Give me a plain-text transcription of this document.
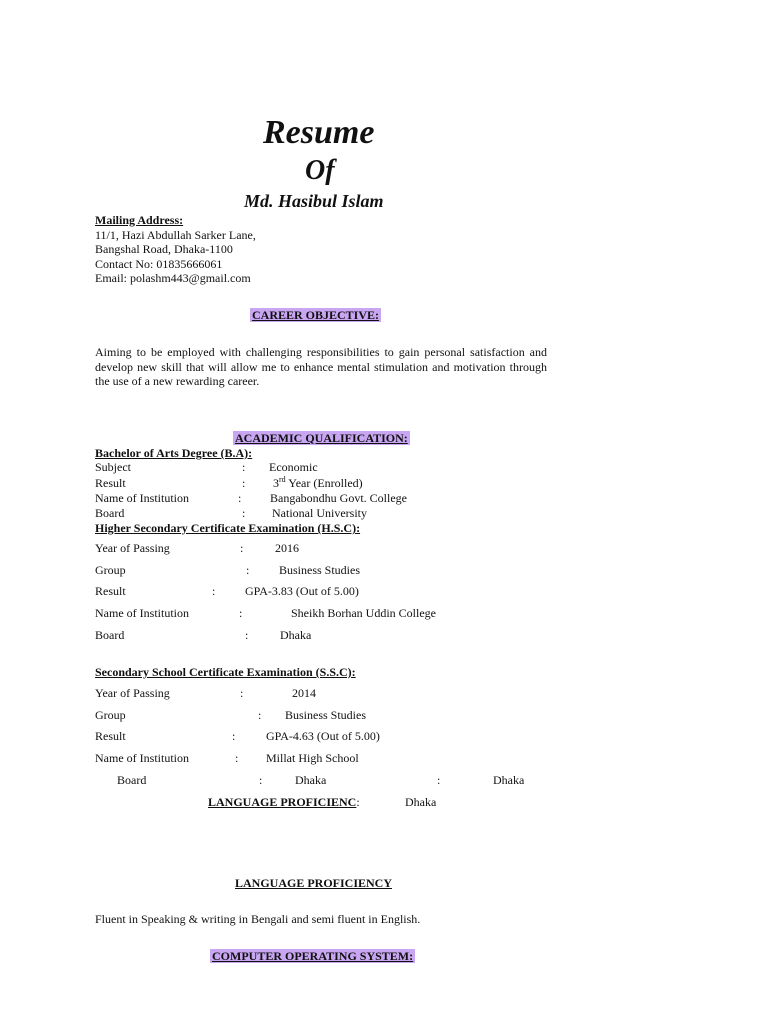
Resume
Of
Md. Hasibul Islam
Mailing Address:
11/1, Hazi Abdullah Sarker Lane,
Bangshal Road, Dhaka-1100
Contact No: 01835666061
Email: polashm443@gmail.com
CAREER OBJECTIVE:
Aiming to be employed with challenging responsibilities to gain personal satisfaction and develop new skill that will allow me to enhance mental stimulation and motivation through the use of a new rewarding career.
ACADEMIC QUALIFICATION:
Bachelor of Arts Degree (B.A):
Subject	: Economic
Result	: 3rd Year (Enrolled)
Name of Institution	: Bangabondhu Govt. College
Board	: National University
Higher Secondary Certificate Examination (H.S.C):
Year of Passing	:	2016
Group	: Business Studies
Result	: GPA-3.83 (Out of 5.00)
Name of Institution	:	Sheikh Borhan Uddin College
Board	:	Dhaka
Secondary School Certificate Examination (S.S.C):
Year of Passing	:	2014
Group	: Business Studies
Result	:	GPA-4.63 (Out of 5.00)
Name of Institution	: Millat High School
Board	:	Dhaka	:	Dhaka
LANGUAGE PROFICIENC:	Dhaka
LANGUAGE PROFICIENCY
Fluent in Speaking & writing in Bengali and semi fluent in English.
COMPUTER OPERATING SYSTEM:
